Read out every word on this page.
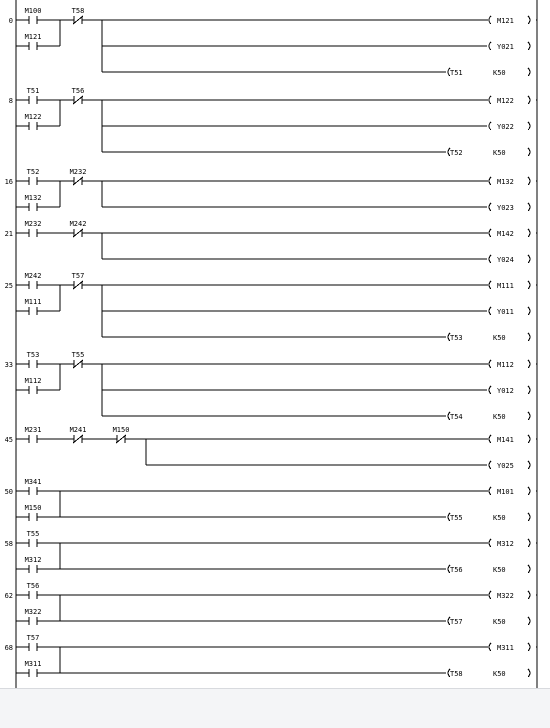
0
M100	T58
M121
M121
Y021
T51	K50
8
T51	T56
M122
M122
Y022
T52	K50
16
T52	M232
M132
M132
Y023
21
M232	M242
M142
Y024
25
M242	T57
M111
M111
Y011
T53	K50
33
T53	T55
M112
M112
Y012
T54	K50
45
M231	M241	M150
M141
Y025
50
M341
M150
M101
T55	K50
58
T55
M312
M312
T56	K50
62
T56
M322
M322
T57	K50
68
T57
M311
M311
T58	K50
